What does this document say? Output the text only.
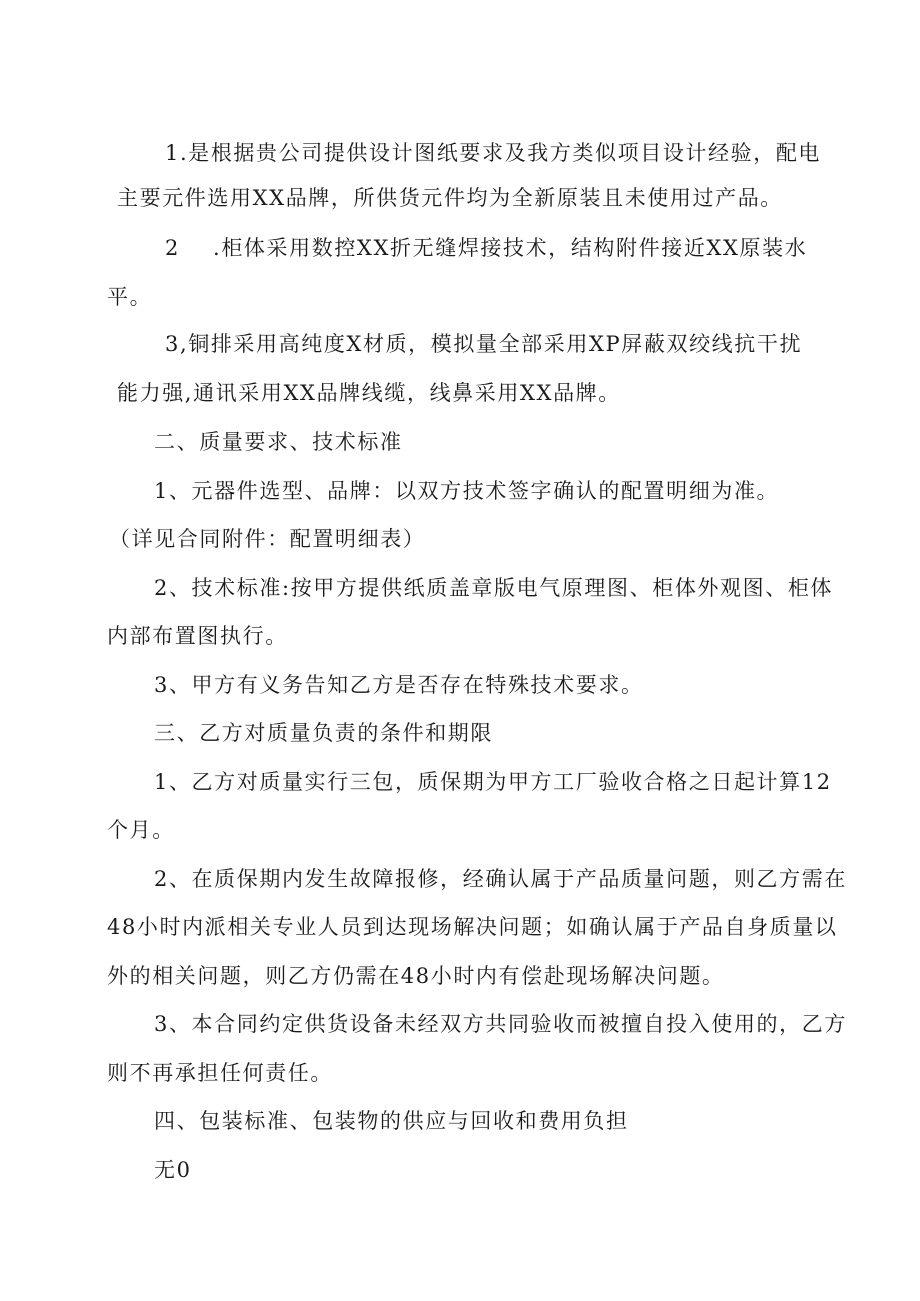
1.是根据贵公司提供设计图纸要求及我方类似项目设计经验，配电
主要元件选用XX品牌，所供货元件均为全新原装且未使用过产品。
2    .柜体采用数控XX折无缝焊接技术，结构附件接近XX原装水
平。
3,铜排采用高纯度X材质，模拟量全部采用XP屏蔽双绞线抗干扰
能力强,通讯采用XX品牌线缆，线鼻采用XX品牌。
二、质量要求、技术标准
1、元器件选型、品牌：以双方技术签字确认的配置明细为准。
（详见合同附件：配置明细表）
2、技术标准:按甲方提供纸质盖章版电气原理图、柜体外观图、柜体
内部布置图执行。
3、甲方有义务告知乙方是否存在特殊技术要求。
三、乙方对质量负责的条件和期限
1、乙方对质量实行三包，质保期为甲方工厂验收合格之日起计算12
个月。
2、在质保期内发生故障报修，经确认属于产品质量问题，则乙方需在
48小时内派相关专业人员到达现场解决问题；如确认属于产品自身质量以
外的相关问题，则乙方仍需在48小时内有偿赴现场解决问题。
3、本合同约定供货设备未经双方共同验收而被擅自投入使用的，乙方
则不再承担任何责任。
四、包装标准、包装物的供应与回收和费用负担
无0
